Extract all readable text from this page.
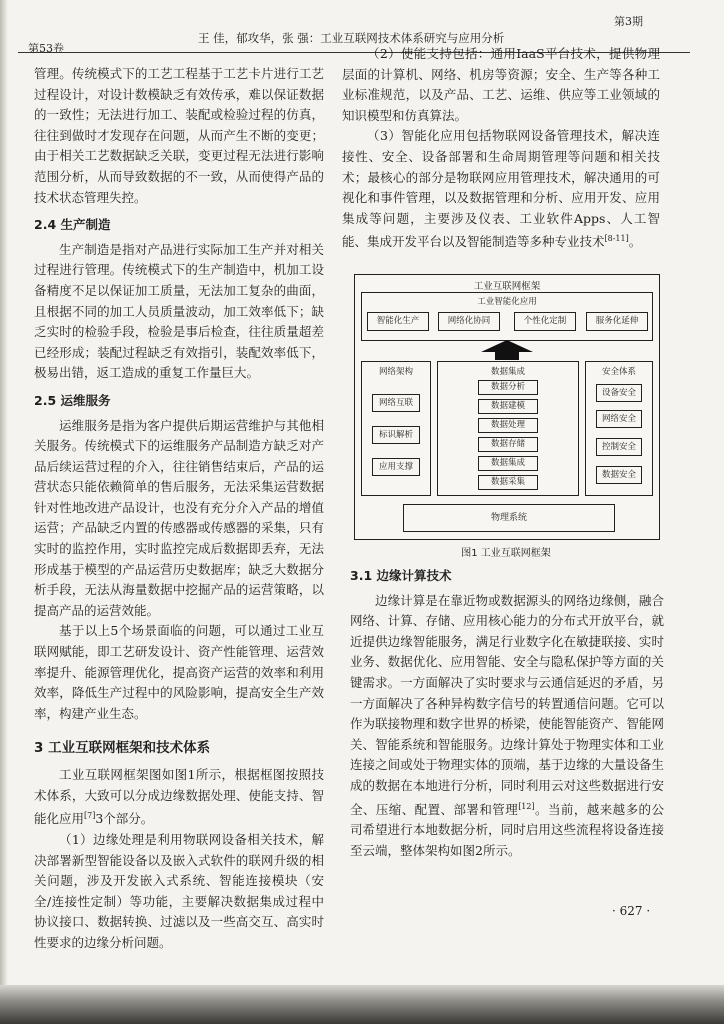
第53卷
王 佳，郁攻华，张 强：工业互联网技术体系研究与应用分析
第3期

管理。传统模式下的工艺工程基于工艺卡片进行工艺过程设计，对设计数模缺乏有效传承，难以保证数据的一致性；无法进行加工、装配或检验过程的仿真，往往到做时才发现存在问题，从而产生不断的变更；由于相关工艺数据缺乏关联，变更过程无法进行影响范围分析，从而导致数据的不一致，从而使得产品的技术状态管理失控。

2.4 生产制造

生产制造是指对产品进行实际加工生产并对相关过程进行管理。传统模式下的生产制造中，机加工设备精度不足以保证加工质量，无法加工复杂的曲面，且根据不同的加工人员质量波动，加工效率低下；缺乏实时的检验手段，检验是事后检查，往往质量超差已经形成；装配过程缺乏有效指引，装配效率低下，极易出错，返工造成的重复工作量巨大。

2.5 运维服务

运维服务是指为客户提供后期运营维护与其他相关服务。传统模式下的运维服务产品制造方缺乏对产品后续运营过程的介入，往往销售结束后，产品的运营状态只能依赖简单的售后服务，无法采集运营数据针对性地改进产品设计，也没有充分介入产品的增值运营；产品缺乏内置的传感器或传感器的采集，只有实时的监控作用，实时监控完成后数据即丢弃，无法形成基于模型的产品运营历史数据库；缺乏大数据分析手段，无法从海量数据中挖掘产品的运营策略，以提高产品的运营效能。

基于以上5个场景面临的问题，可以通过工业互联网赋能，即工艺研发设计、资产性能管理、运营效率提升、能源管理优化，提高资产运营的效率和利用效率，降低生产过程中的风险影响，提高安全生产效率，构建产业生态。

3 工业互联网框架和技术体系

工业互联网框架图如图1所示，根据框图按照技术体系，大致可以分成边缘数据处理、使能支持、智能化应用[7]3个部分。

（1）边缘处理是利用物联网设备相关技术，解决部署新型智能设备以及嵌入式软件的联网升级的相关问题，涉及开发嵌入式系统、智能连接模块（安全/连接性定制）等功能，主要解决数据集成过程中协议接口、数据转换、过滤以及一些高交互、高实时性要求的边缘分析问题。

（2）使能支持包括：通用IaaS平台技术，提供物理层面的计算机、网络、机房等资源；安全、生产等各种工业标准规范，以及产品、工艺、运维、供应等工业领域的知识模型和仿真算法。

（3）智能化应用包括物联网设备管理技术，解决连接性、安全、设备部署和生命周期管理等问题和相关技术；最核心的部分是物联网应用管理技术，解决通用的可视化和事件管理，以及数据管理和分析、应用开发、应用集成等问题，主要涉及仪表、工业软件Apps、人工智能、集成开发平台以及智能制造等多种专业技术[8-11]。

工业互联网框架
工业智能化应用
智能化生产	网络化协同	个性化定制	服务化延伸
网络架构
网络互联
标识解析
应用支撑
数据集成
数据分析
数据建模
数据处理
数据存储
数据集成
数据采集
安全体系
设备安全
网络安全
控制安全
数据安全
物理系统
图1 工业互联网框架

3.1 边缘计算技术

边缘计算是在靠近物或数据源头的网络边缘侧，融合网络、计算、存储、应用核心能力的分布式开放平台，就近提供边缘智能服务，满足行业数字化在敏捷联接、实时业务、数据优化、应用智能、安全与隐私保护等方面的关键需求。一方面解决了实时要求与云通信延迟的矛盾，另一方面解决了各种异构数字信号的转置通信问题。它可以作为联接物理和数字世界的桥梁，使能智能资产、智能网关、智能系统和智能服务。边缘计算处于物理实体和工业连接之间或处于物理实体的顶端，基于边缘的大量设备生成的数据在本地进行分析，同时利用云对这些数据进行安全、压缩、配置、部署和管理[12]。当前，越来越多的公司希望进行本地数据分析，同时启用这些流程将设备连接至云端，整体架构如图2所示。

· 627 ·
